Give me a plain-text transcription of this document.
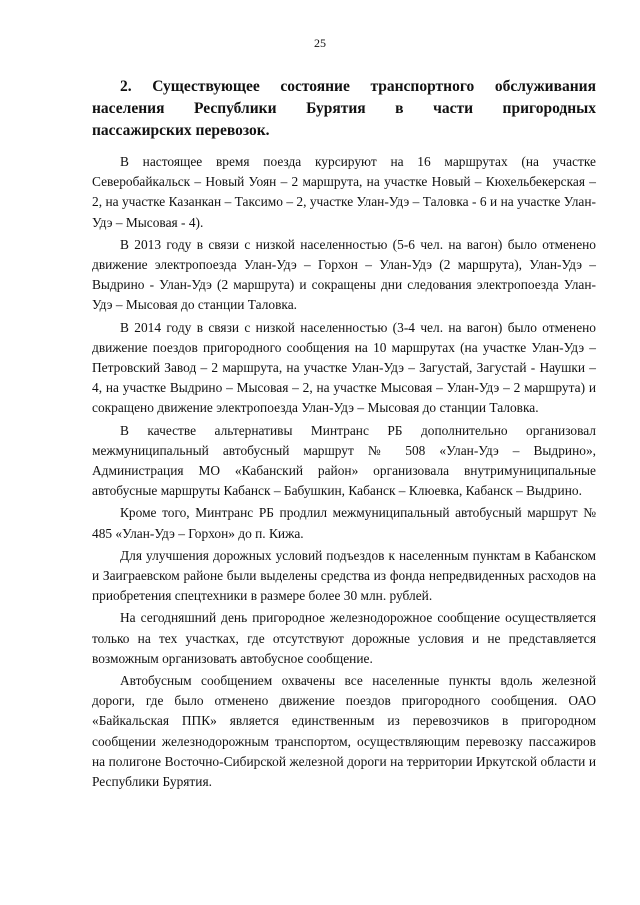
25
2. Существующее состояние транспортного обслуживания
населения Республики Бурятия в части пригородных
пассажирских перевозок.

В настоящее время поезда курсируют на 16 маршрутах (на участке Северобайкальск – Новый Уоян – 2 маршрута, на участке Новый – Кюхельбекерская – 2, на участке Казанкан – Таксимо – 2, участке Улан-Удэ – Таловка - 6 и на участке Улан-Удэ – Мысовая - 4).

В 2013 году в связи с низкой населенностью (5-6 чел. на вагон) было отменено движение электропоезда Улан-Удэ – Горхон – Улан-Удэ (2 маршрута), Улан-Удэ – Выдрино - Улан-Удэ (2 маршрута) и сокращены дни следования электропоезда Улан-Удэ – Мысовая до станции Таловка.

В 2014 году в связи с низкой населенностью (3-4 чел. на вагон) было отменено движение поездов пригородного сообщения на 10 маршрутах (на участке Улан-Удэ – Петровский Завод – 2 маршрута, на участке Улан-Удэ – Загустай, Загустай - Наушки – 4, на участке Выдрино – Мысовая – 2, на участке Мысовая – Улан-Удэ – 2 маршрута) и сокращено движение электропоезда Улан-Удэ – Мысовая до станции Таловка.

В качестве альтернативы Минтранс РБ дополнительно организовал межмуниципальный автобусный маршрут № 508 «Улан-Удэ – Выдрино», Администрация МО «Кабанский район» организовала внутримуниципальные автобусные маршруты Кабанск – Бабушкин, Кабанск – Клюевка, Кабанск – Выдрино.

Кроме того, Минтранс РБ продлил межмуниципальный автобусный маршрут № 485 «Улан-Удэ – Горхон» до п. Кижа.

Для улучшения дорожных условий подъездов к населенным пунктам в Кабанском и Заиграевском районе были выделены средства из фонда непредвиденных расходов на приобретения спецтехники в размере более 30 млн. рублей.

На сегодняшний день пригородное железнодорожное сообщение осуществляется только на тех участках, где отсутствуют дорожные условия и не представляется возможным организовать автобусное сообщение.

Автобусным сообщением охвачены все населенные пункты вдоль железной дороги, где было отменено движение поездов пригородного сообщения. ОАО «Байкальская ППК» является единственным из перевозчиков в пригородном сообщении железнодорожным транспортом, осуществляющим перевозку пассажиров на полигоне Восточно-Сибирской железной дороги на территории Иркутской области и Республики Бурятия.
